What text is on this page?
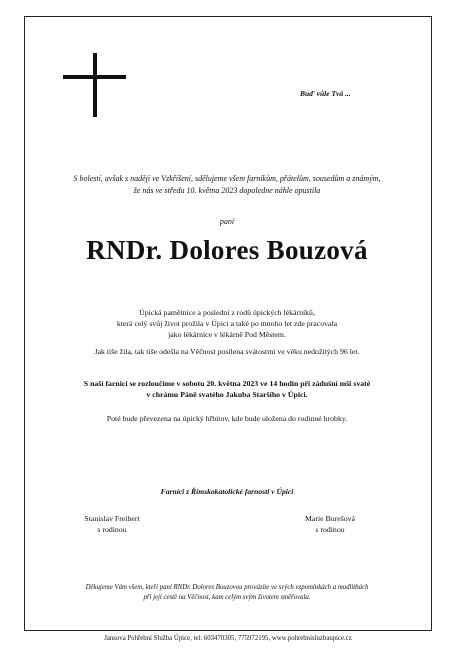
Buď vůle Tvá ...
S bolestí, avšak s nadějí ve Vzkříšení, sdělujeme všem farníkům, přátelům, sousedům a známým,
že nás ve středu 10. května 2023 dopoledne náhle opustila
paní
RNDr. Dolores Bouzová
Úpická pamětnice a poslední z rodů úpických lékárníků,
která celý svůj život prožila v Úpici a také po mnoho let zde pracovala
jako lékárnice v lékárně Pod Městem.
Jak tiše žila, tak tiše odešla na Věčnost posílena svátostmi ve věku nedožitých 96 let.
S naší farnicí se rozloučíme v sobotu 20. května 2023 ve 14 hodin při zádušní mši svaté
v chrámu Páně svatého Jakuba Staršího v Úpici.
Poté bude převezena na úpický hřbitov, kde bude uložena do rodinné hrobky.
Farníci z Římskokatolické farnosti v Úpici
Stanislav Freibert
s rodinou
Marie Burešová
s rodinou
Děkujeme Vám všem, kteří paní RNDr. Dolores Bouzovou provázíte ve svých vzpomínkách a modlitbách
při její cestě na Věčnost, kam celým svým životem směřovala.
Jansova Pohřební Služba Úpice, tel: 603470305, 775972195, www.pohrebnisluzbaupice.cz
